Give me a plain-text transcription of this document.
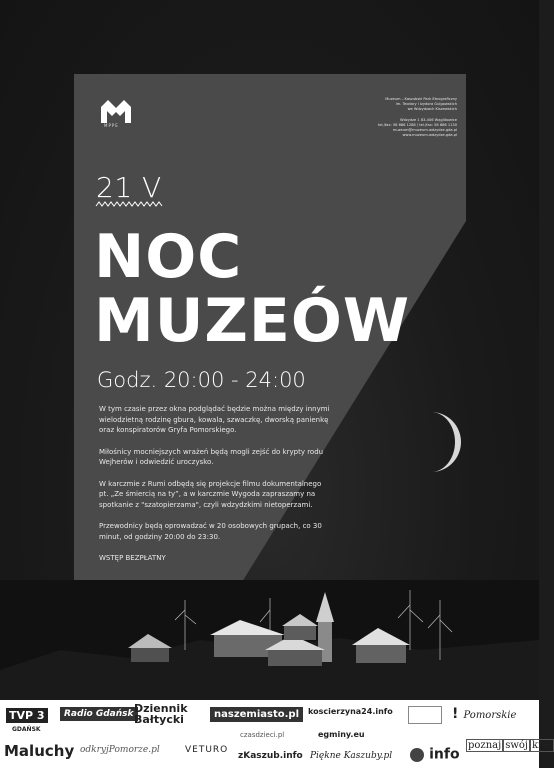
MPPE
Muzeum – Kaszubski Park Etnograficzny
im. Teodory i Izydora Gulgowskich
we Wdzydzach Kiszewskich
Wdzydze 1 83-406 Wąglikowice
tel./fax: 58 686 1288 / tel./fax: 58 686 1130
muzeum@muzeum-wdzydze.gda.pl
www.muzeum-wdzydze.gda.pl
21 V
NOC
MUZEÓW
Godz. 20:00 - 24:00

W tym czasie przez okna podglądać będzie można między innymi wielodzietną rodzinę gbura, kowala, szwaczkę, dworską panienkę oraz konspiratorów Gryfa Pomorskiego.

Miłośnicy mocniejszych wrażeń będą mogli zejść do krypty rodu Wejherów i odwiedzić uroczysko.

W karczmie z Rumi odbędą się projekcje filmu dokumentalnego pt. „Ze śmiercią na ty”, a w karczmie Wygoda zapraszamy na spotkanie z "szatopierzama", czyli wdzydzkimi nietoperzami.

Przewodnicy będą oprowadzać w 20 osobowych grupach, co 30 minut, od godziny 20:00 do 23:30.

WSTĘP BEZPŁATNY

TVP 3
GDAŃSK
Radio Gdańsk Dziennik
Bałtycki	naszemiasto.pl	koscierzyna24.info	! Pomorskie
Maluchy odkryjPomorze.pl	VETURO
czasdzieci.pl	egminy.eu
zKaszub.info Piękne Kaszuby.pl	info
poznaj swój kraj
